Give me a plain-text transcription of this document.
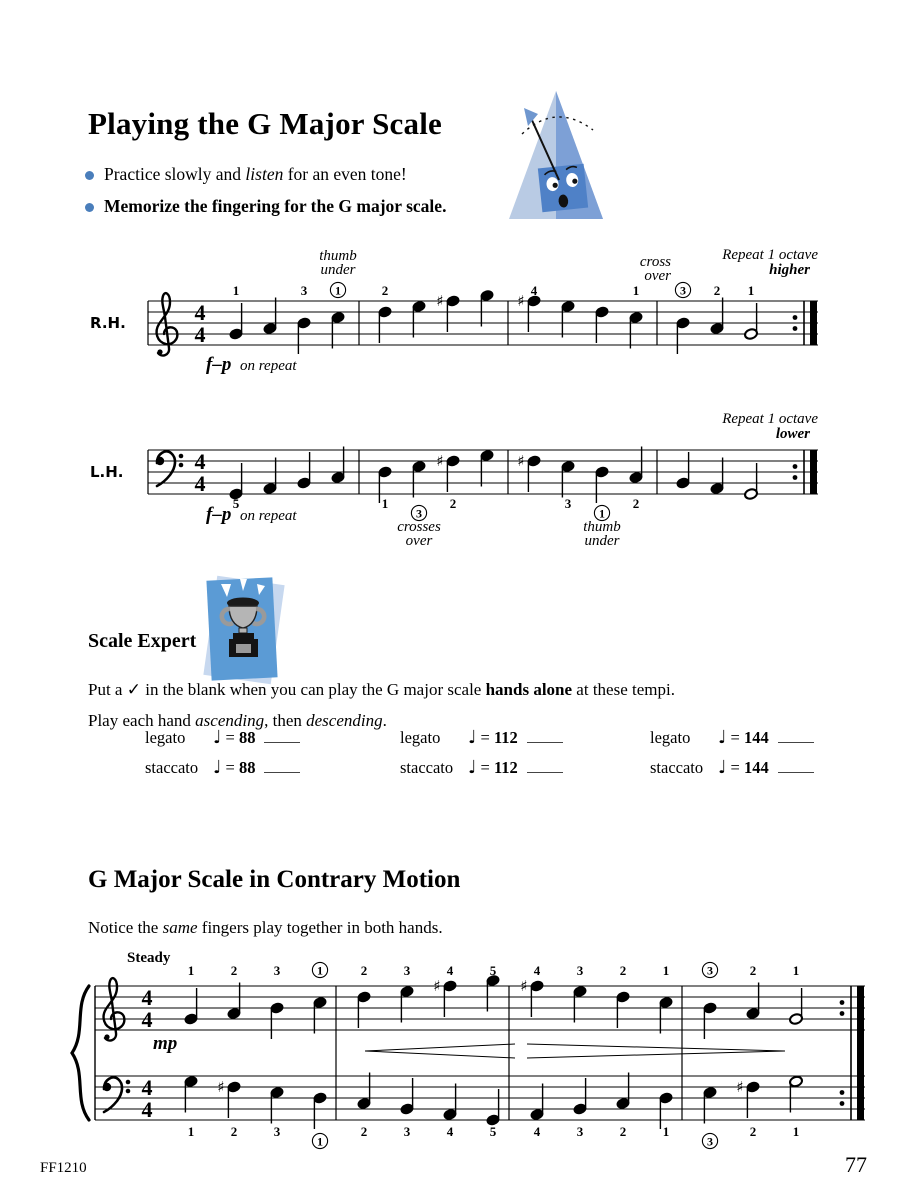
Playing the G Major Scale
Practice slowly and listen for an even tone!
Memorize the fingering for the G major scale.
4
4
1	3 1
thumb
under
2
♯	♯
4	1	3
cross
over
2 1
R.H.
Repeat 1 octave
higher
f–p on repeat
4
4
5	1
3
crosses
over
♯
2
♯
3
1
thumb
under
2
L.H.
Repeat 1 octave
lower
f–p on repeat
Scale Expert
Put a ✓ in the blank when you can play the G major scale hands alone at these tempi.
Play each hand ascending, then descending.
legato ♩ = 88	legato ♩ = 112	legato ♩ = 144
staccato ♩ = 88	staccato ♩ = 112	staccato ♩ = 144
G Major Scale in Contrary Motion
Notice the same fingers play together in both hands.
4
4
1	2	3	1	2	3
♯
4	5
♯
4	3	2	1	3	2	1
4
4
1
♯
2	3
1
2	3	4	5	4	3	2	1
3
♯
2	1
Steady
mp
FF1210	77
